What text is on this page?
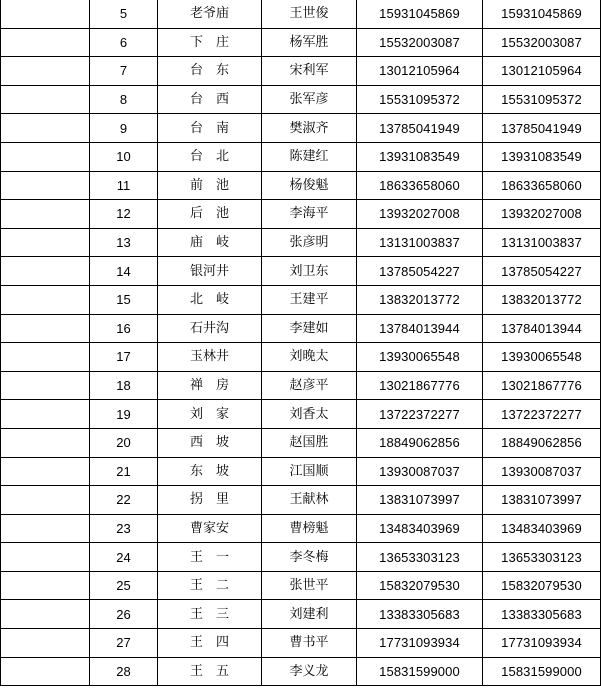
	5	老爷庙	王世俊	15931045869	15931045869
	6	下　庄	杨军胜	15532003087	15532003087
	7	台　东	宋利军	13012105964	13012105964
	8	台　西	张军彦	15531095372	15531095372
	9	台　南	樊淑齐	13785041949	13785041949
	10	台　北	陈建红	13931083549	13931083549
	11	前　池	杨俊魁	18633658060	18633658060
	12	后　池	李海平	13932027008	13932027008
	13	庙　岐	张彦明	13131003837	13131003837
	14	银河井	刘卫东	13785054227	13785054227
	15	北　岐	王建平	13832013772	13832013772
	16	石井沟	李建如	13784013944	13784013944
	17	玉林井	刘晚太	13930065548	13930065548
	18	禅　房	赵彦平	13021867776	13021867776
	19	刘　家	刘香太	13722372277	13722372277
	20	西　坡	赵国胜	18849062856	18849062856
	21	东　坡	江国顺	13930087037	13930087037
	22	拐　里	王献林	13831073997	13831073997
	23	曹家安	曹榜魁	13483403969	13483403969
	24	王　一	李冬梅	13653303123	13653303123
	25	王　二	张世平	15832079530	15832079530
	26	王　三	刘建利	13383305683	13383305683
	27	王　四	曹书平	17731093934	17731093934
	28	王　五	李义龙	15831599000	15831599000
